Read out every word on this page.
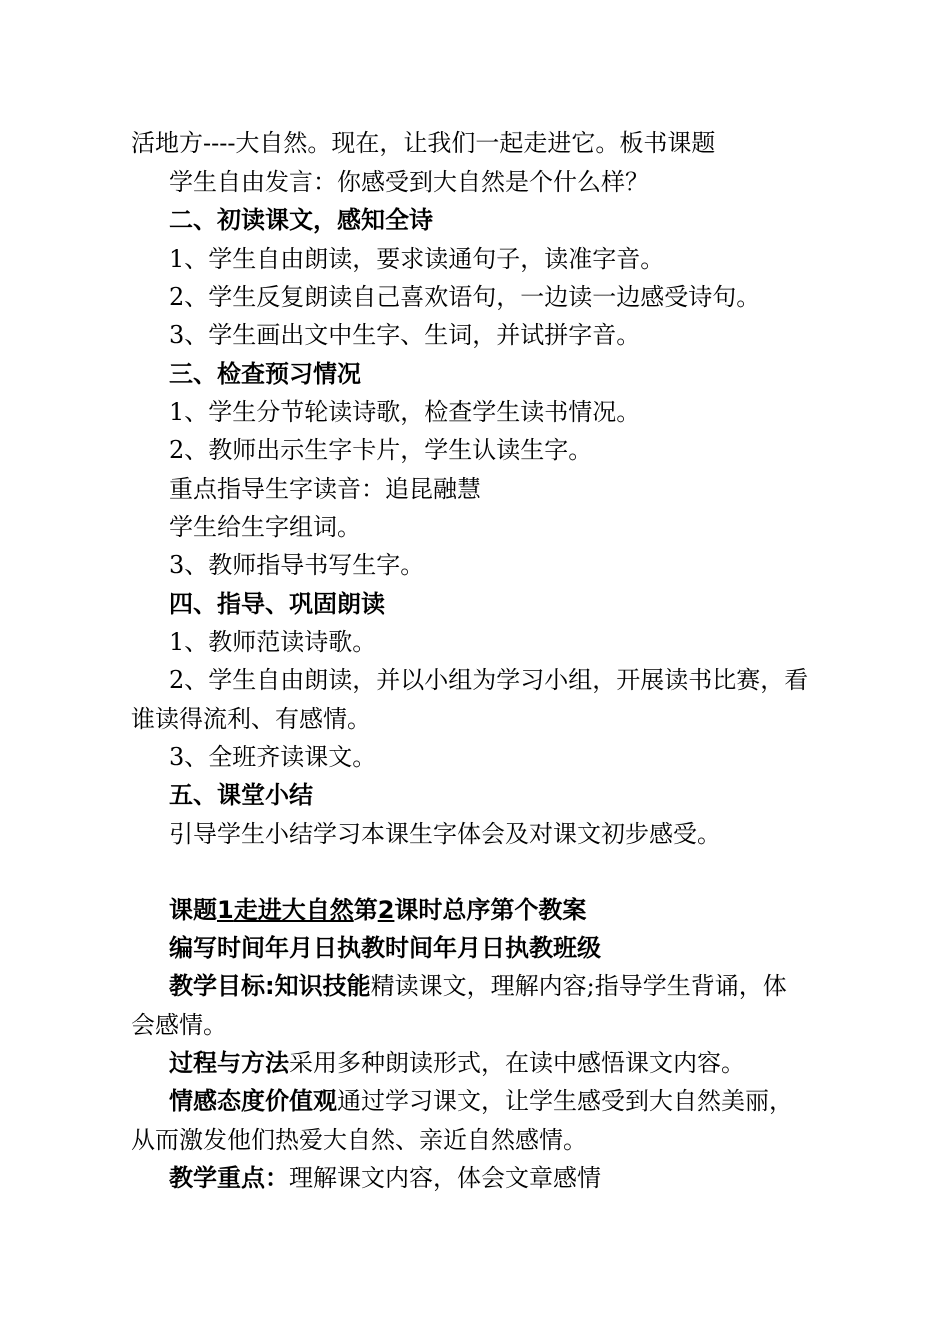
活地方----大自然。现在，让我们一起走进它。板书课题
学生自由发言：你感受到大自然是个什么样？
二、初读课文，感知全诗
1、学生自由朗读，要求读通句子，读准字音。
2、学生反复朗读自己喜欢语句，一边读一边感受诗句。
3、学生画出文中生字、生词，并试拼字音。
三、检查预习情况
1、学生分节轮读诗歌，检查学生读书情况。
2、教师出示生字卡片，学生认读生字。
重点指导生字读音：追昆融慧
学生给生字组词。
3、教师指导书写生字。
四、指导、巩固朗读
1、教师范读诗歌。
2、学生自由朗读，并以小组为学习小组，开展读书比赛，看
谁读得流利、有感情。
3、全班齐读课文。
五、课堂小结
引导学生小结学习本课生字体会及对课文初步感受。
课题1走进大自然第2课时总序第个教案
编写时间年月日执教时间年月日执教班级
教学目标:知识技能精读课文，理解内容;指导学生背诵，体
会感情。
过程与方法采用多种朗读形式，在读中感悟课文内容。
情感态度价值观通过学习课文，让学生感受到大自然美丽，
从而激发他们热爱大自然、亲近自然感情。
教学重点：理解课文内容，体会文章感情
